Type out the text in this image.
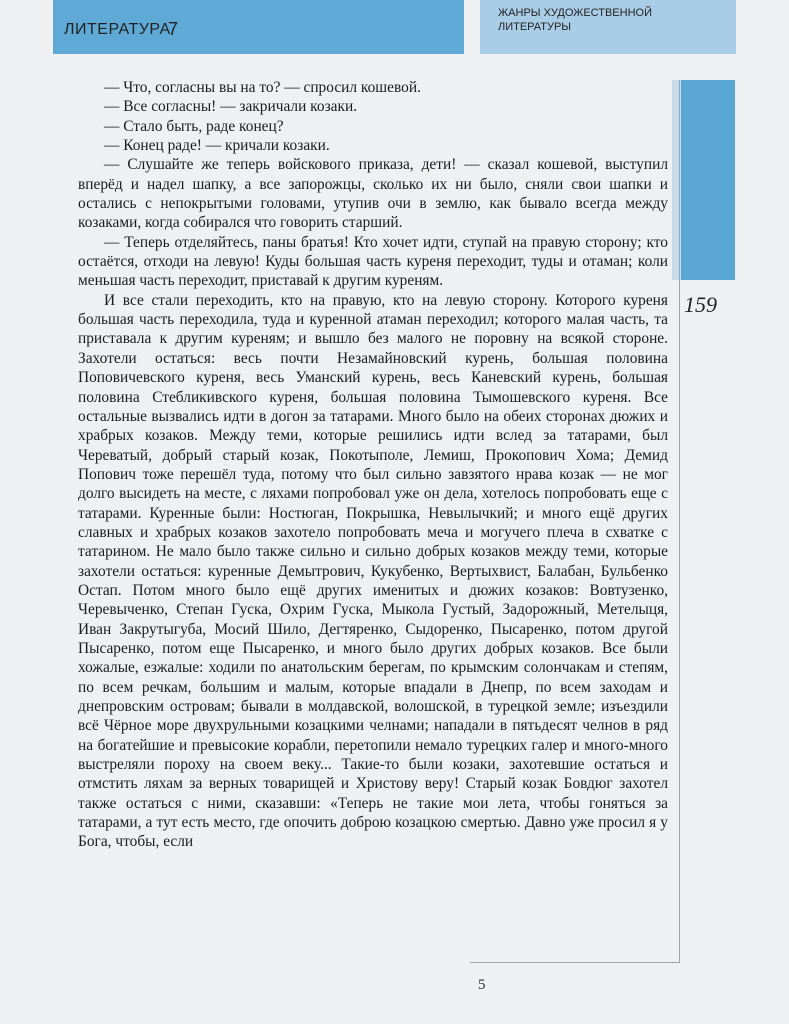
ЛИТЕРАТУРА
7
ЖАНРЫ ХУДОЖЕСТВЕННОЙ ЛИТЕРАТУРЫ
159
5

— Что, согласны вы на то? — спросил кошевой.

— Все согласны! — закричали козаки.

— Стало быть, раде конец?

— Конец раде! — кричали козаки.

— Слушайте же теперь войскового приказа, дети! — сказал кошевой, выступил вперёд и надел шапку, а все запорожцы, сколько их ни было, сняли свои шапки и остались с непокрытыми головами, утупив очи в землю, как бывало всегда между козаками, когда собирался что говорить старший.

— Теперь отделяйтесь, паны братья! Кто хочет идти, ступай на правую сторону; кто остаётся, отходи на левую! Куды большая часть куреня переходит, туды и отаман; коли меньшая часть переходит, приставай к другим куреням.

И все стали переходить, кто на правую, кто на левую сторону. Которого куреня большая часть переходила, туда и куренной атаман переходил; которого малая часть, та приставала к другим куреням; и вышло без малого не поровну на всякой стороне. Захотели остаться: весь почти Незамайновский курень, большая половина Поповичевского куреня, весь Уманский курень, весь Каневский курень, большая половина Стебликивского куреня, большая половина Тымошевского куреня. Все остальные вызвались идти в догон за татарами. Много было на обеих сторонах дюжих и храбрых козаков. Между теми, которые решились идти вслед за татарами, был Череватый, добрый старый козак, Покотыполе, Лемиш, Прокопович Хома; Демид Попович тоже перешёл туда, потому что был сильно завзятого нрава козак — не мог долго высидеть на месте, с ляхами попробовал уже он дела, хотелось попробовать еще с татарами. Куренные были: Ностюган, Покрышка, Невылычкий; и много ещё других славных и храбрых козаков захотело попробовать меча и могучего плеча в схватке с татарином. Не мало было также сильно и сильно добрых козаков между теми, которые захотели остаться: куренные Демытрович, Кукубенко, Вертыхвист, Балабан, Бульбенко Остап. Потом много было ещё других именитых и дюжих козаков: Вовтузенко, Черевыченко, Степан Гуска, Охрим Гуска, Мыкола Густый, Задорожный, Метелыця, Иван Закрутыгуба, Мосий Шило, Дегтяренко, Сыдоренко, Пысаренко, потом другой Пысаренко, потом еще Пысаренко, и много было других добрых козаков. Все были хожалые, езжалые: ходили по анатольским берегам, по крымским солончакам и степям, по всем речкам, большим и малым, которые впадали в Днепр, по всем заходам и днепровским островам; бывали в молдавской, волошской, в турецкой земле; изъездили всё Чёрное море двухрульными козацкими челнами; нападали в пятьдесят челнов в ряд на богатейшие и превысокие корабли, перетопили немало турецких галер и много-много выстреляли пороху на своем веку... Такие-то были козаки, захотевшие остаться и отмстить ляхам за верных товарищей и Христову веру! Старый козак Бовдюг захотел также остаться с ними, сказавши: «Теперь не такие мои лета, чтобы гоняться за татарами, а тут есть место, где опочить доброю козацкою смертью. Давно уже просил я у Бога, чтобы, если
